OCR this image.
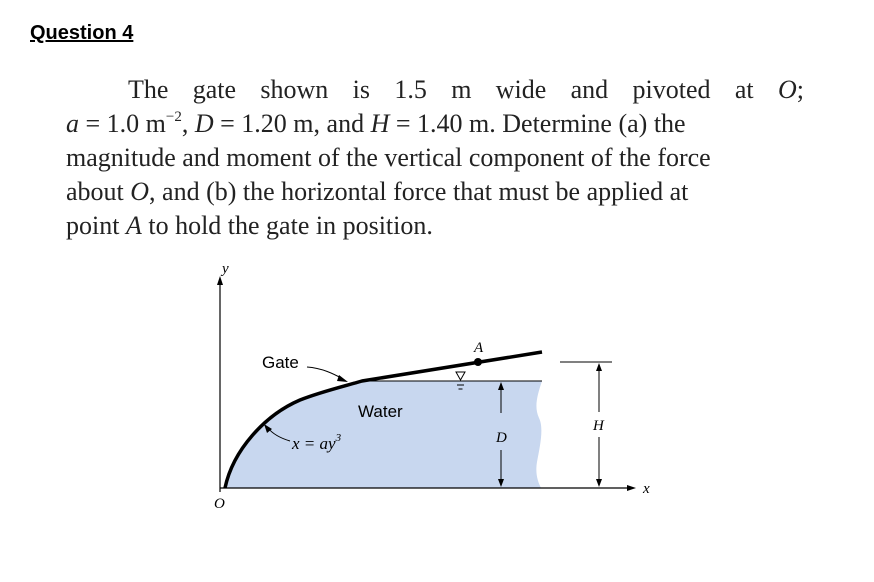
Question 4
The gate shown is 1.5 m wide and pivoted at O;
a = 1.0 $m^{-2}$, D = 1.20 m, and H = 1.40 m. Determine (a) the
magnitude and moment of the vertical component of the force
about O, and (b) the horizontal force that must be applied at
point A to hold the gate in position.
A
D
H
Gate
Water
$x = ay^3$
y
x
O
